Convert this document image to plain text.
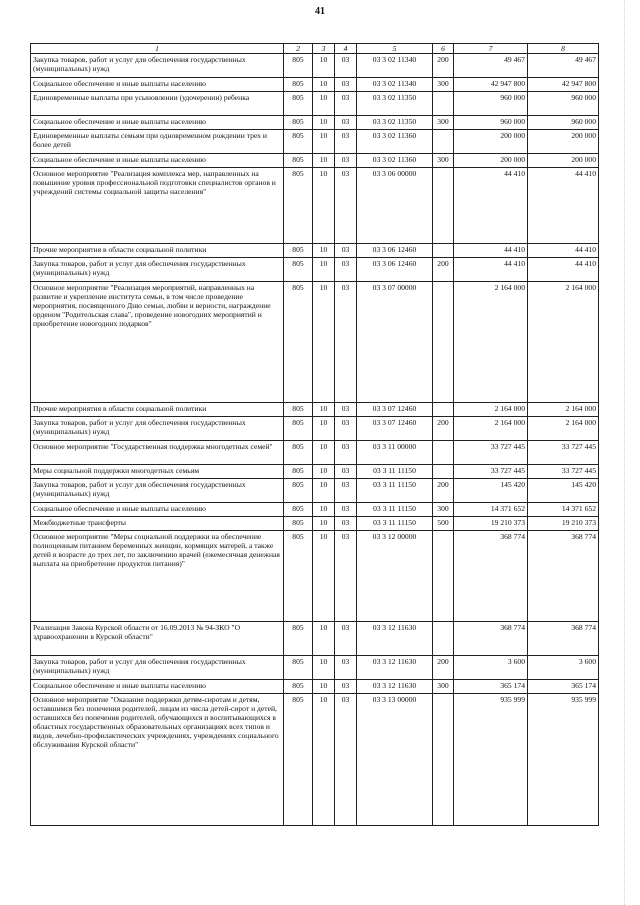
41
1	2	3	4	5	6	7	8
Закупка товаров, работ и услуг для обеспечения государственных (муниципальных) нужд	805	10	03	03 3 02 11340	200	49 467	49 467
Социальное обеспечение и иные выплаты населению	805	10	03	03 3 02 11340	300	42 947 800	42 947 800
Единовременные выплаты при усыновлении (удочерении) ребенка	805	10	03	03 3 02 11350		960 000	960 000
Социальное обеспечение и иные выплаты населению	805	10	03	03 3 02 11350	300	960 000	960 000
Единовременные выплаты семьям при одновременном рождении трех и более детей	805	10	03	03 3 02 11360		200 000	200 000
Социальное обеспечение и иные выплаты населению	805	10	03	03 3 02 11360	300	200 000	200 000
Основное мероприятие "Реализация комплекса мер, направленных на повышение уровня профессиональной подготовки специалистов органов и учреждений системы социальной защиты населения"	805	10	03	03 3 06 00000		44 410	44 410
Прочие мероприятия в области социальной политики	805	10	03	03 3 06 12460		44 410	44 410
Закупка товаров, работ и услуг для обеспечения государственных (муниципальных) нужд	805	10	03	03 3 06 12460	200	44 410	44 410
Основное мероприятие "Реализация мероприятий, направленных на развитие и укрепление института семьи, в том числе проведение мероприятия, посвященного Дню семьи, любви и верности, награждение орденом "Родительская слава", проведение новогодних мероприятий и приобретение новогодних подарков"	805	10	03	03 3 07 00000		2 164 000	2 164 000
Прочие мероприятия в области социальной политики	805	10	03	03 3 07 12460		2 164 000	2 164 000
Закупка товаров, работ и услуг для обеспечения государственных (муниципальных) нужд	805	10	03	03 3 07 12460	200	2 164 000	2 164 000
Основное мероприятие "Государственная поддержка многодетных семей"	805	10	03	03 3 11 00000		33 727 445	33 727 445
Меры социальной поддержки многодетных семьям	805	10	03	03 3 11 11150		33 727 445	33 727 445
Закупка товаров, работ и услуг для обеспечения государственных (муниципальных) нужд	805	10	03	03 3 11 11150	200	145 420	145 420
Социальное обеспечение и иные выплаты населению	805	10	03	03 3 11 11150	300	14 371 652	14 371 652
Межбюджетные трансферты	805	10	03	03 3 11 11150	500	19 210 373	19 210 373
Основное мероприятие "Меры социальной поддержки на обеспечение полноценным питанием беременных женщин, кормящих матерей, а также детей в возрасте до трех лет, по заключению врачей (ежемесячная денежная выплата на приобретение продуктов питания)"	805	10	03	03 3 12 00000		368 774	368 774
Реализация Закона Курской области от 16.09.2013 № 94-ЗКО "О здравоохранении в Курской области"	805	10	03	03 3 12 11630		368 774	368 774
Закупка товаров, работ и услуг для обеспечения государственных (муниципальных) нужд	805	10	03	03 3 12 11630	200	3 600	3 600
Социальное обеспечение и иные выплаты населению	805	10	03	03 3 12 11630	300	365 174	365 174
Основное мероприятие "Оказание поддержки детям-сиротам и детям, оставшимся без попечения родителей, лицам из числа детей-сирот и детей, оставшихся без попечения родителей, обучающихся и воспитывающихся в областных государственных образовательных организациях всех типов и видов, лечебно-профилактических учреждениях, учреждениях социального обслуживания Курской области"	805	10	03	03 3 13 00000		935 999	935 999
